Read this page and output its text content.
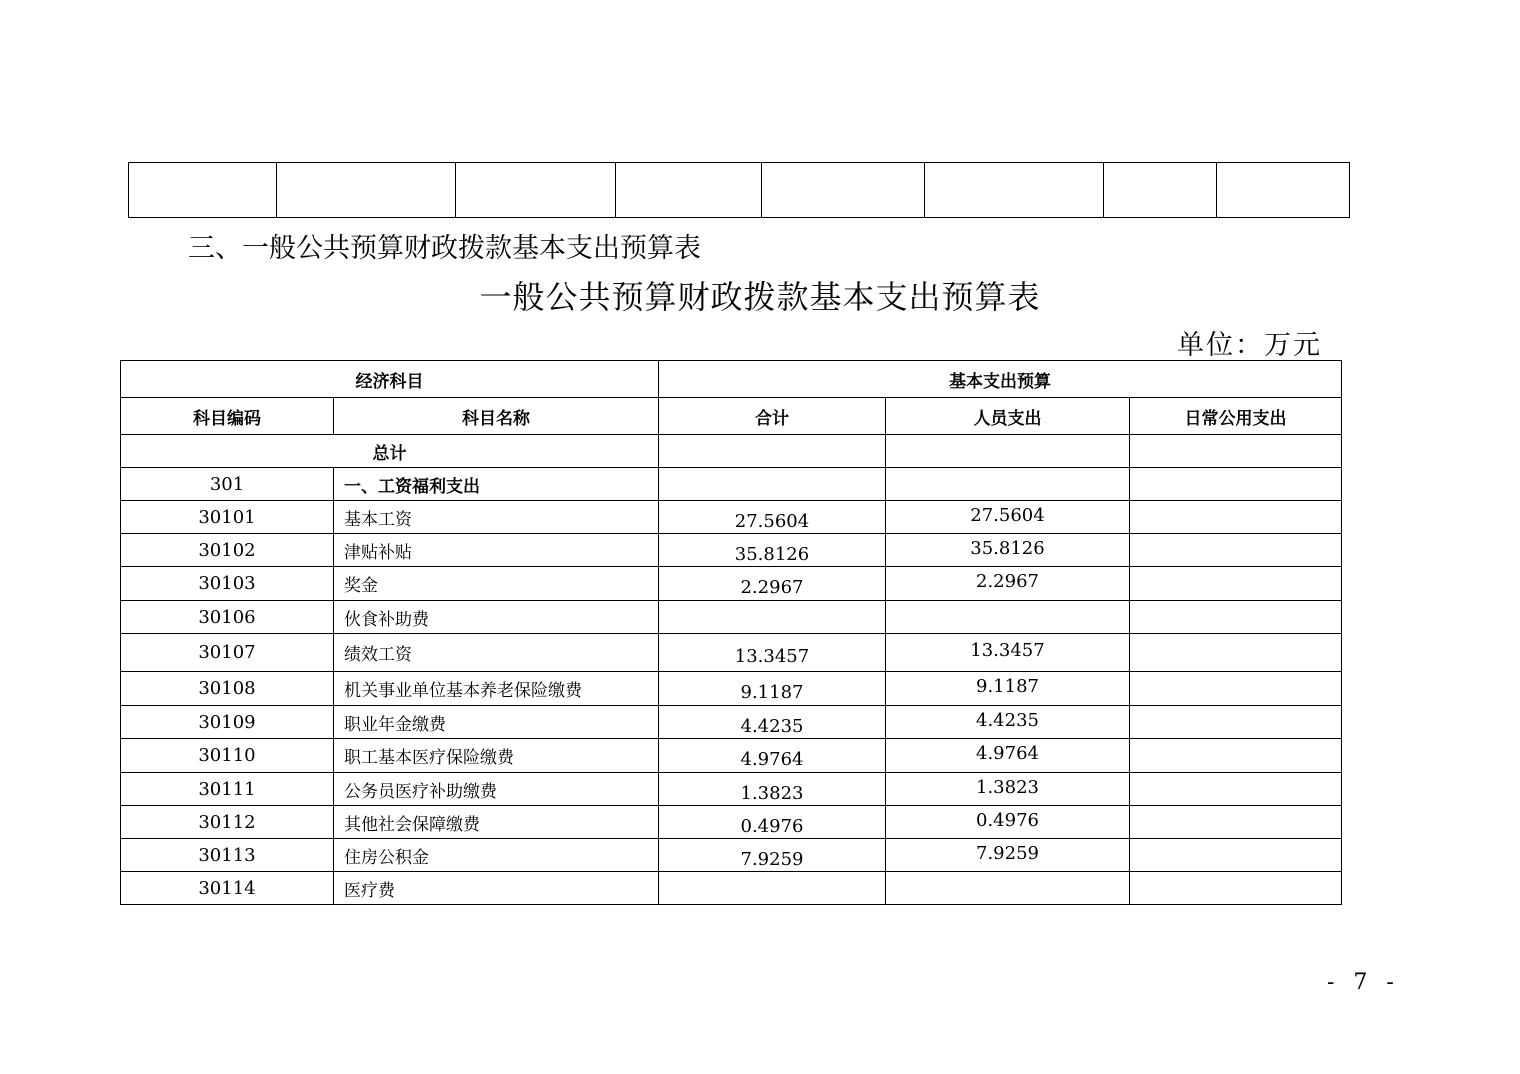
三、一般公共预算财政拨款基本支出预算表
一般公共预算财政拨款基本支出预算表
单位：万元
经济科目		基本支出预算		
科目编码	科目名称	合计	人员支出	日常公用支出
总计				
301	一、工资福利支出			
30101	基本工资	27.5604	27.5604	
30102	津贴补贴	35.8126	35.8126	
30103	奖金	2.2967	2.2967	
30106	伙食补助费			
30107	绩效工资	13.3457	13.3457	
30108	机关事业单位基本养老保险缴费	9.1187	9.1187	
30109	职业年金缴费	4.4235	4.4235	
30110	职工基本医疗保险缴费	4.9764	4.9764	
30111	公务员医疗补助缴费	1.3823	1.3823	
30112	其他社会保障缴费	0.4976	0.4976	
30113	住房公积金	7.9259	7.9259	
30114	医疗费			
- 7 -
